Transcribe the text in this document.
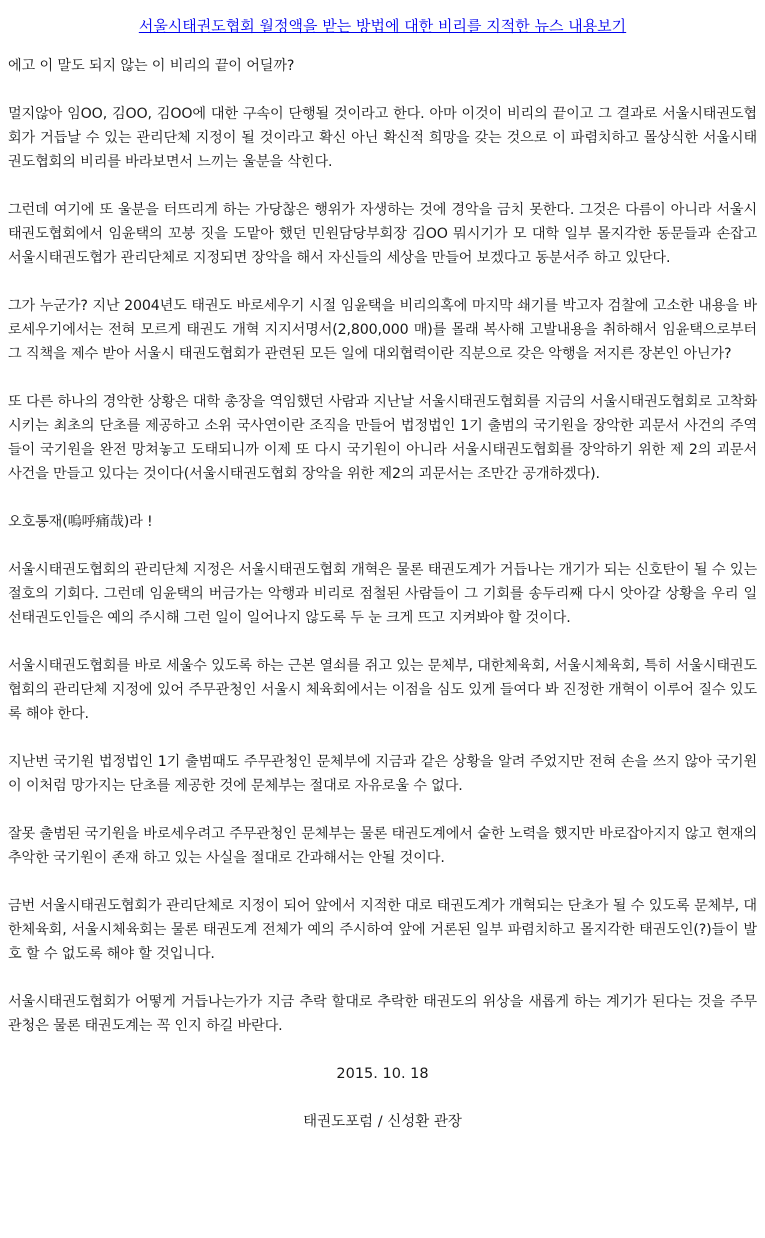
서울시태권도협회 월정액을 받는 방법에 대한 비리를 지적한 뉴스 내용보기

에고 이 말도 되지 않는 이 비리의 끝이 어딜까?

멀지않아 임OO, 김OO, 김OO에 대한 구속이 단행될 것이라고 한다. 아마 이것이 비리의 끝이고 그 결과로 서울시태권도협회가 거듭날 수 있는 관리단체 지정이 될 것이라고 확신 아닌 확신적 희망을 갖는 것으로 이 파렴치하고 몰상식한 서울시태권도협회의 비리를 바라보면서 느끼는 울분을 삭힌다.

그런데 여기에 또 울분을 터뜨리게 하는 가당찮은 행위가 자생하는 것에 경악을 금치 못한다. 그것은 다름이 아니라 서울시태권도협회에서 임윤택의 꼬붕 짓을 도맡아 했던 민원담당부회장 김OO 뭐시기가 모 대학 일부 몰지각한 동문들과 손잡고 서울시태권도협가 관리단체로 지정되면 장악을 해서 자신들의 세상을 만들어 보겠다고 동분서주 하고 있단다.

그가 누군가? 지난 2004년도 태권도 바로세우기 시절 임윤택을 비리의혹에 마지막 쇄기를 박고자 검찰에 고소한 내용을 바로세우기에서는 전혀 모르게 태권도 개혁 지지서명서(2,800,000 매)를 몰래 복사해 고발내용을 취하해서 임윤택으로부터 그 직책을 제수 받아 서울시 태권도협회가 관련된 모든 일에 대외협력이란 직분으로 갖은 악행을 저지른 장본인 아닌가?

또 다른 하나의 경악한 상황은 대학 총장을 역임했던 사람과 지난날 서울시태권도협회를 지금의 서울시태권도협회로 고착화시키는 최초의 단초를 제공하고 소위 국사연이란 조직을 만들어 법정법인 1기 출범의 국기원을 장악한 괴문서 사건의 주역들이 국기원을 완전 망쳐놓고 도태되니까 이제 또 다시 국기원이 아니라 서울시태권도협회를 장악하기 위한 제 2의 괴문서 사건을 만들고 있다는 것이다(서울시태권도협회 장악을 위한 제2의 괴문서는 조만간 공개하겠다).

오호통재(嗚呼痛哉)라 !

서울시태권도협회의 관리단체 지정은 서울시태권도협회 개혁은 물론 태권도계가 거듭나는 개기가 되는 신호탄이 될 수 있는 절호의 기회다. 그런데 임윤택의 버금가는 악행과 비리로 점철된 사람들이 그 기회를 송두리째 다시 앗아갈 상황을 우리 일선태권도인들은 예의 주시해 그런 일이 일어나지 않도록 두 눈 크게 뜨고 지켜봐야 할 것이다.

서울시태권도협회를 바로 세울수 있도록 하는 근본 열쇠를 쥐고 있는 문체부, 대한체육회, 서울시체육회, 특히 서울시태권도협회의 관리단체 지정에 있어 주무관청인 서울시 체육회에서는 이점을 심도 있게 들여다 봐 진정한 개혁이 이루어 질수 있도록 해야 한다.

지난번 국기원 법정법인 1기 출범때도 주무관청인 문체부에 지금과 같은 상황을 알려 주었지만 전혀 손을 쓰지 않아 국기원이 이처럼 망가지는 단초를 제공한 것에 문체부는 절대로 자유로울 수 없다.

잘못 출범된 국기원을 바로세우려고 주무관청인 문체부는 물론 태권도계에서 숱한 노력을 했지만 바로잡아지지 않고 현재의 추악한 국기원이 존재 하고 있는 사실을 절대로 간과해서는 안될 것이다.

금번 서울시태권도협회가 관리단체로 지정이 되어 앞에서 지적한 대로 태권도계가 개혁되는 단초가 될 수 있도록 문체부, 대한체육회, 서울시체육회는 물론 태권도계 전체가 예의 주시하여 앞에 거론된 일부 파렴치하고 몰지각한 태권도인(?)들이 발호 할 수 없도록 해야 할 것입니다.

서울시태권도협회가 어떻게 거듭나는가가 지금 추락 할대로 추락한 태권도의 위상을 새롭게 하는 계기가 된다는 것을 주무관청은 물론 태권도계는 꼭 인지 하길 바란다.

2015. 10. 18

태권도포럼 / 신성환 관장
